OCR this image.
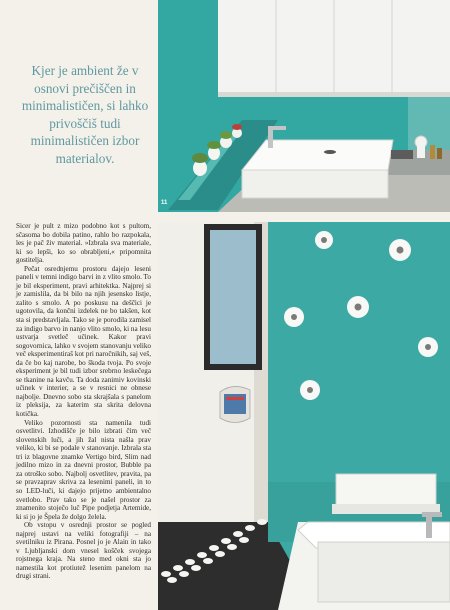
Kjer je ambient že v osnovi prečiščen in minimalističen, si lahko privoščiš tudi minimalističen izbor materialov.

11

Sicer je pult z mizo podobno kot s pultom, sčasoma bo dobila patino, rahlo bo razpokala, les je pač živ material. »Izbrala sva materiale, ki so lepši, ko so obrabljeni,« pripomnita gostitelja.

Pečat osrednjemu prostoru dajejo leseni paneli v temni indigo barvi in z vlito smolo. To je bil eksperiment, pravi arhitektka. Najprej si je zamislila, da bi bilo na njih jesensko listje, zalito s smolo. A po poskusu na deščici je ugotovila, da končni izdelek ne bo takšen, kot sta si predstavljala. Tako se je porodila zamisel za indigo barvo in nanjo vlito smolo, ki na lesu ustvarja svetleč učinek. Kakor pravi sogovornica, lahko v svojem stanovanju veliko več eksperimentiraš kot pri naročnikih, saj veš, da če bo kaj narobe, bo škoda tvoja. Po svoje eksperiment je bil tudi izbor srebrno leskečega se tkanine na kavču. Ta doda zanimiv kovinski učinek v interier, a se v resnici ne obnese najbolje. Dnevno sobo sta skrajšala s panelom iz pleksija, za katerim sta skrita delovna kotička.

Veliko pozornosti sta namenila tudi osvetlitvi. Izhodišče je bilo izbrati čim več slovenskih luči, a jih žal nista našla prav veliko, ki bi se podale v stanovanje. Izbrala sta tri iz blagovne znamke Vertigo bird, Slim nad jedilno mizo in za dnevni prostor, Bubble pa za otroško sobo. Najbolj osvetlitev, pravita, pa se pravzaprav skriva za lesenimi paneli, in to so LED-luči, ki dajejo prijetno ambientalno svetlobo. Prav tako se je našel prostor za znamenito stoječo luč Pipe podjetja Artemide, ki si jo je Špela že dolgo želela.

Ob vstopu v osrednji prostor se pogled najprej ustavi na veliki fotografiji – na svetilniku iz Pirana. Posnel jo je Alain in tako v Ljubljanski dom vnesel košček svojega rojstnega kraja. Na steno med okni sta jo namestila kot protiutež lesenim panelom na drugi strani.
